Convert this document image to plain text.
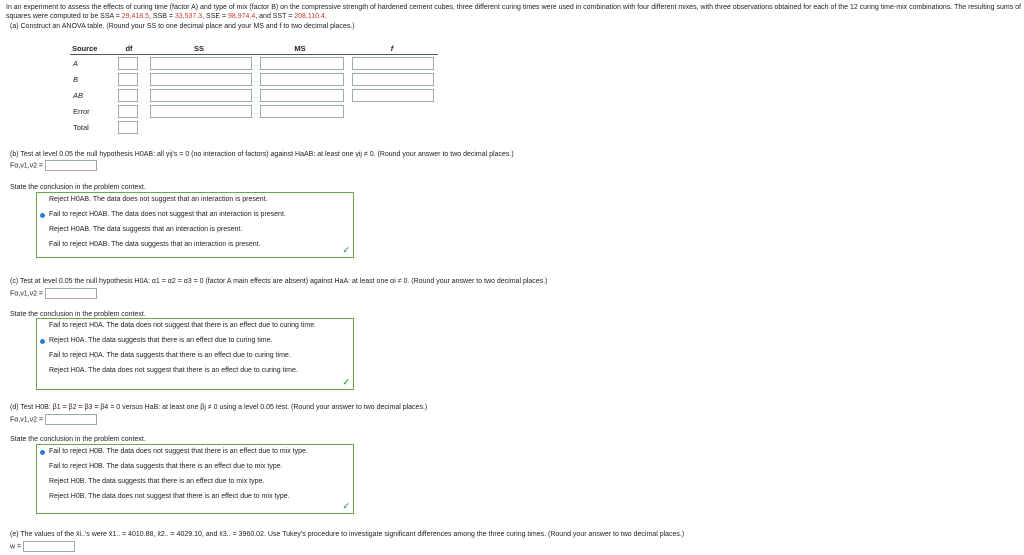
In an experiment to assess the effects of curing time (factor A) and type of mix (factor B) on the compressive strength of hardened cement cubes, three different curing times were used in combination with four different mixes, with three observations obtained for each of the 12 curing time-mix combinations. The resulting sums of squares were computed to be SSA = 29,418.5, SSB = 33,537.3, SSE = 98,974.4, and SST = 208,110.4.
(a) Construct an ANOVA table. (Round your SS to one decimal place and your MS and f to two decimal places.)
Source	df	SS	MS	f
A				
B				
AB				
Error				
Total				
(b) Test at level 0.05 the null hypothesis H0AB: all γij's = 0 (no interaction of factors) against HaAB: at least one γij ≠ 0. (Round your answer to two decimal places.)
Fα,ν1,ν2 =
State the conclusion in the problem context.
Reject H0AB. The data does not suggest that an interaction is present.
Fail to reject H0AB. The data does not suggest that an interaction is present.
Reject H0AB. The data suggests that an interaction is present.
Fail to reject H0AB. The data suggests that an interaction is present.
✓
(c) Test at level 0.05 the null hypothesis H0A: α1 = α2 = α3 = 0 (factor A main effects are absent) against HaA: at least one αi ≠ 0. (Round your answer to two decimal places.)
Fα,ν1,ν2 =
State the conclusion in the problem context.
Fail to reject H0A. The data does not suggest that there is an effect due to curing time.
Reject H0A. The data suggests that there is an effect due to curing time.
Fail to reject H0A. The data suggests that there is an effect due to curing time.
Reject H0A. The data does not suggest that there is an effect due to curing time.
✓
(d) Test H0B: β1 = β2 = β3 = β4 = 0 versus HaB: at least one βj ≠ 0 using a level 0.05 test. (Round your answer to two decimal places.)
Fα,ν1,ν2 =
State the conclusion in the problem context.
Fail to reject H0B. The data does not suggest that there is an effect due to mix type.
Fail to reject H0B. The data suggests that there is an effect due to mix type.
Reject H0B. The data suggests that there is an effect due to mix type.
Reject H0B. The data does not suggest that there is an effect due to mix type.
✓
(e) The values of the x̄i..'s were x̄1.. = 4010.88, x̄2.. = 4029.10, and x̄3.. = 3960.02. Use Tukey's procedure to investigate significant differences among the three curing times. (Round your answer to two decimal places.)
w =
